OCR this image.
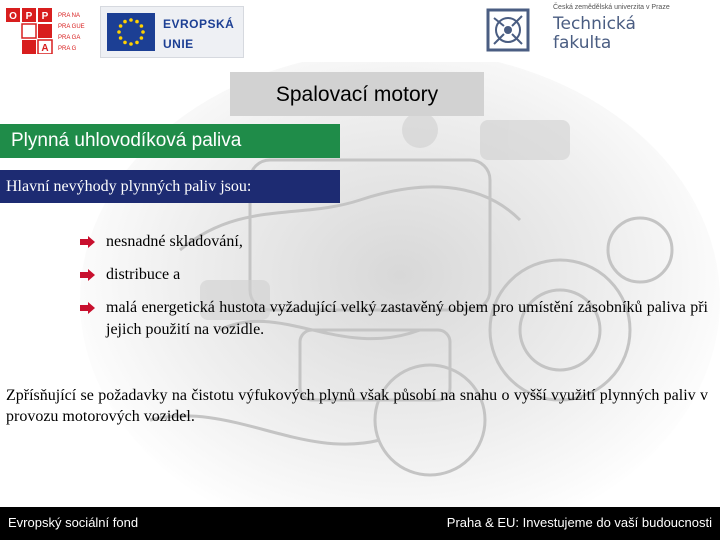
O P P
A
PRA NA
PRA GUE
PRA GA
PRA G
EVROPSKÁ
UNIE
Česká zemědělská univerzita v Praze
Technická
fakulta
Spalovací motory
Plynná uhlovodíková paliva
Hlavní nevýhody plynných paliv jsou:
nesnadné skladování,
distribuce a
malá energetická hustota vyžadující velký zastavěný objem pro umístění zásobníků paliva při jejich použití na vozidle.
Zpřísňující se požadavky na čistotu výfukových plynů však působí na snahu o vyšší využití plynných paliv v provozu motorových vozidel.
Evropský sociální fond	Praha & EU: Investujeme do vaší budoucnosti
